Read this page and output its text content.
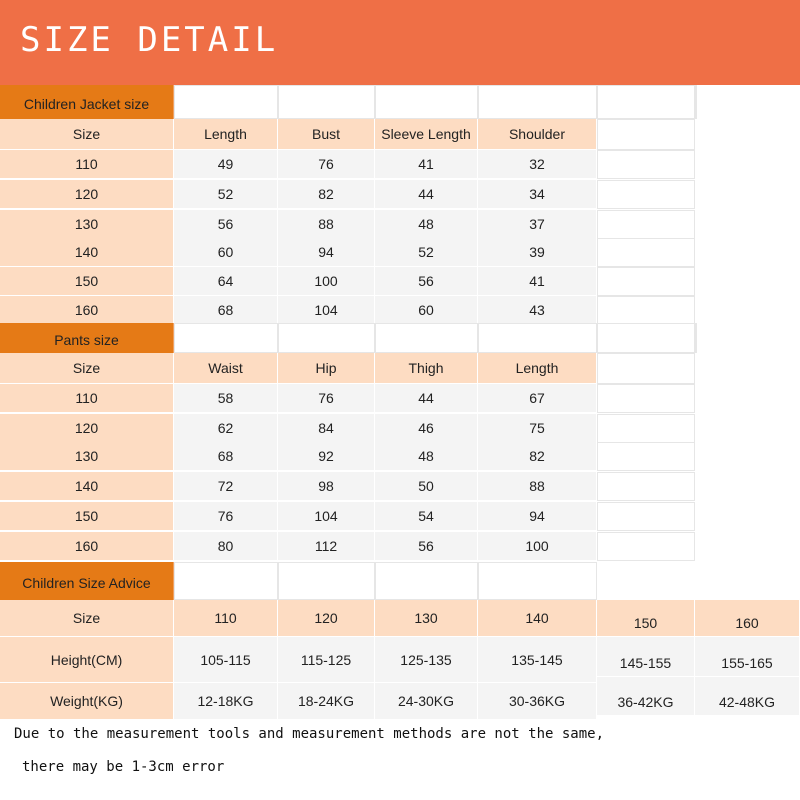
SIZE DETAIL
Children Jacket size
Size	Length	Bust	Sleeve Length	Shoulder
110	49	76	41	32
120	52	82	44	34
130	56	88	48	37
140	60	94	52	39
150	64	100	56	41
160	68	104	60	43
Pants size
Size	Waist	Hip	Thigh	Length
110	58	76	44	67
120	62	84	46	75
130	68	92	48	82
140	72	98	50	88
150	76	104	54	94
160	80	112	56	100
Children Size Advice
Size	110	120	130	140	150	160
Height(CM)	105-115	115-125	125-135	135-145	145-155	155-165
Weight(KG)	12-18KG	18-24KG	24-30KG	30-36KG	36-42KG	42-48KG
Due to the measurement tools and measurement methods are not the same,
there may be 1-3cm error
